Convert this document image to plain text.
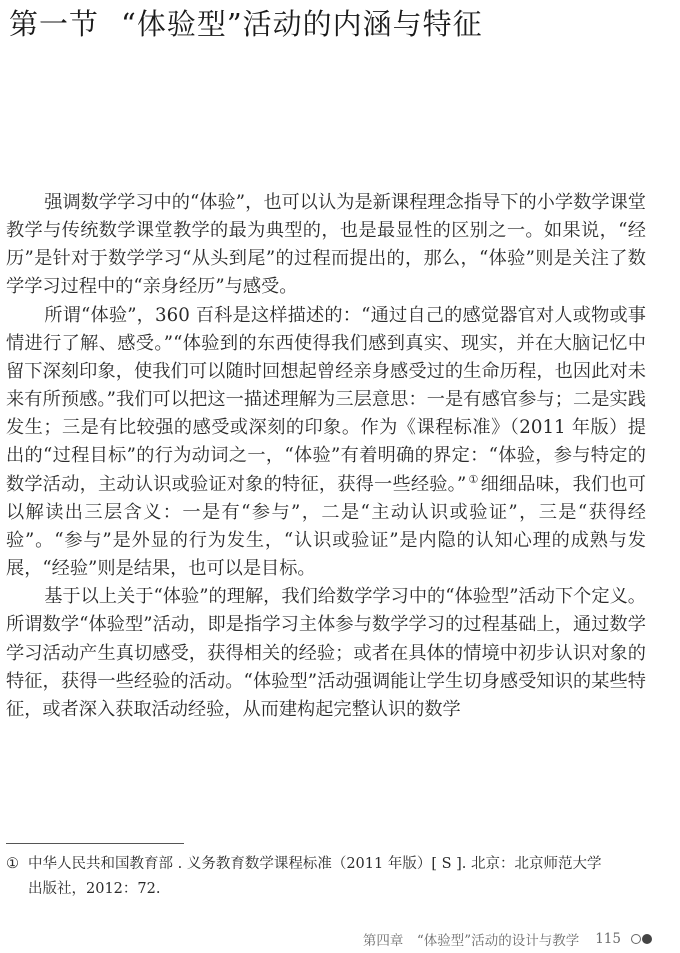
第一节 “体验型”活动的内涵与特征

强调数学学习中的“体验”，也可以认为是新课程理念指导下的小学数学课堂教学与传统数学课堂教学的最为典型的，也是最显性的区别之一。如果说，“经历”是针对于数学学习“从头到尾”的过程而提出的，那么，“体验”则是关注了数学学习过程中的“亲身经历”与感受。

所谓“体验”，360 百科是这样描述的：“通过自己的感觉器官对人或物或事情进行了解、感受。”“体验到的东西使得我们感到真实、现实，并在大脑记忆中留下深刻印象，使我们可以随时回想起曾经亲身感受过的生命历程，也因此对未来有所预感。”我们可以把这一描述理解为三层意思：一是有感官参与；二是实践发生；三是有比较强的感受或深刻的印象。作为《课程标准》（2011 年版）提出的“过程目标”的行为动词之一，“体验”有着明确的界定：“体验，参与特定的数学活动，主动认识或验证对象的特征，获得一些经验。” ① 细细品味，我们也可以解读出三层含义：一是有“参与”，二是“主动认识或验证”，三是“获得经验”。“参与”是外显的行为发生，“认识或验证”是内隐的认知心理的成熟与发展，“经验”则是结果，也可以是目标。

基于以上关于“体验”的理解，我们给数学学习中的“体验型”活动下个定义。所谓数学“体验型”活动，即是指学习主体参与数学学习的过程基础上，通过数学学习活动产生真切感受，获得相关的经验；或者在具体的情境中初步认识对象的特征，获得一些经验的活动。“体验型”活动强调能让学生切身感受知识的某些特征，或者深入获取活动经验，从而建构起完整认识的数学

① 中华人民共和国教育部 . 义务教育数学课程标准（2011 年版）[ S ]. 北京：北京师范大学
出版社，2012：72.
第四章　“体验型”活动的设计与教学 115
